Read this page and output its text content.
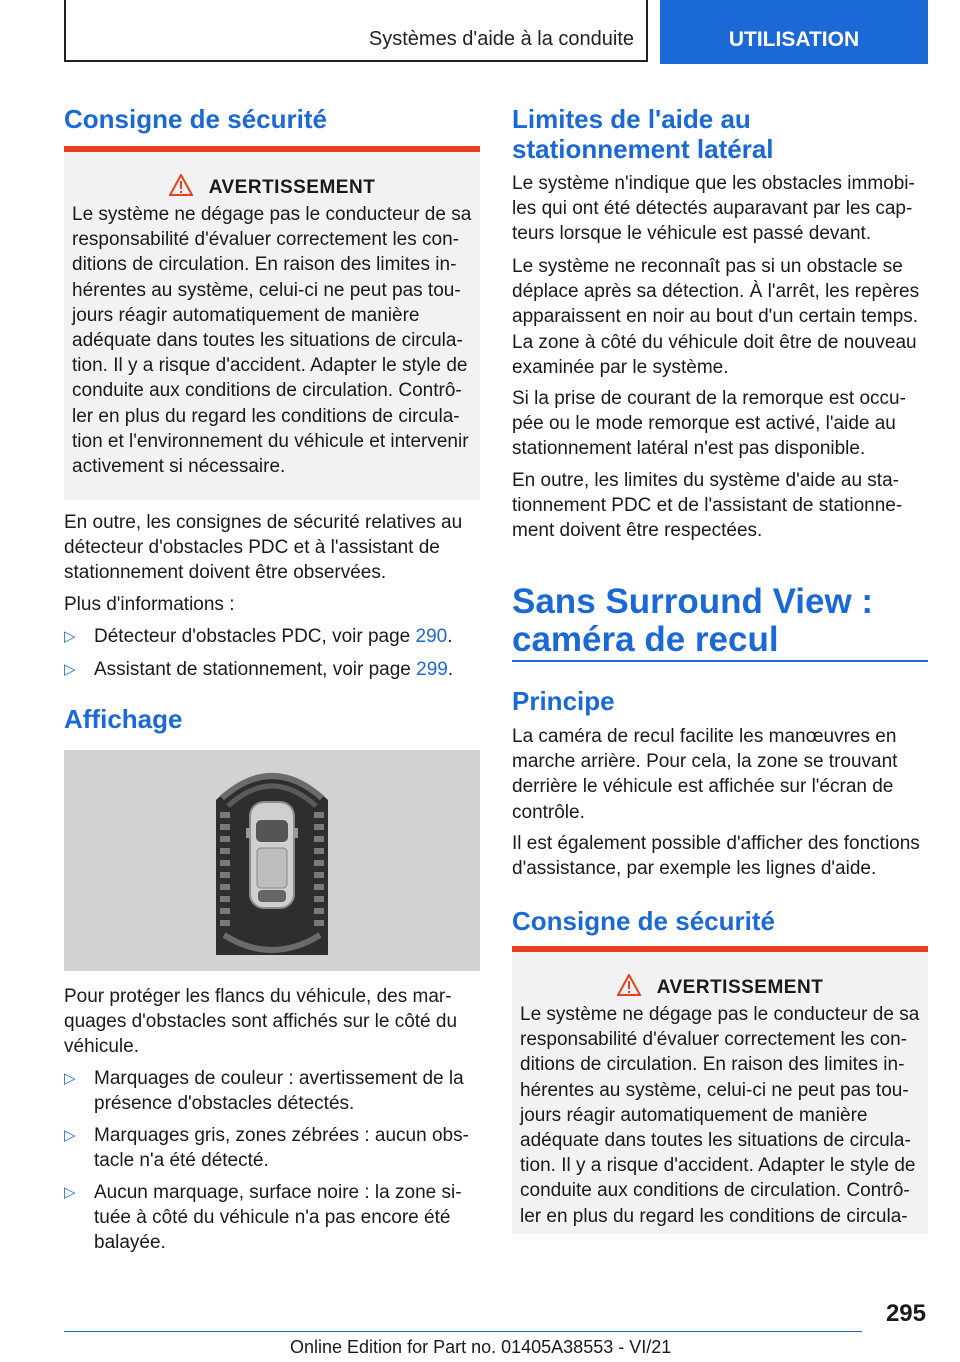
Systèmes d'aide à la conduite	UTILISATION
Consigne de sécurité
AVERTISSEMENT
Le système ne dégage pas le conducteur de sa
responsabilité d'évaluer correctement les con-
ditions de circulation. En raison des limites in-
hérentes au système, celui-ci ne peut pas tou-
jours réagir automatiquement de manière
adéquate dans toutes les situations de circula-
tion. Il y a risque d'accident. Adapter le style de
conduite aux conditions de circulation. Contrô-
ler en plus du regard les conditions de circula-
tion et l'environnement du véhicule et intervenir
activement si nécessaire.
En outre, les consignes de sécurité relatives au
détecteur d'obstacles PDC et à l'assistant de
stationnement doivent être observées.
Plus d'informations :
▷ Détecteur d'obstacles PDC, voir page 290.
▷ Assistant de stationnement, voir page 299.
Affichage
Pour protéger les flancs du véhicule, des mar-
quages d'obstacles sont affichés sur le côté du
véhicule.
▷ Marquages de couleur : avertissement de la
présence d'obstacles détectés.
▷ Marquages gris, zones zébrées : aucun obs-
tacle n'a été détecté.
▷ Aucun marquage, surface noire : la zone si-
tuée à côté du véhicule n'a pas encore été
balayée.
Limites de l'aide au
stationnement latéral
Le système n'indique que les obstacles immobi-
les qui ont été détectés auparavant par les cap-
teurs lorsque le véhicule est passé devant.
Le système ne reconnaît pas si un obstacle se
déplace après sa détection. À l'arrêt, les repères
apparaissent en noir au bout d'un certain temps.
La zone à côté du véhicule doit être de nouveau
examinée par le système.
Si la prise de courant de la remorque est occu-
pée ou le mode remorque est activé, l'aide au
stationnement latéral n'est pas disponible.
En outre, les limites du système d'aide au sta-
tionnement PDC et de l'assistant de stationne-
ment doivent être respectées.
Sans Surround View :
caméra de recul
Principe
La caméra de recul facilite les manœuvres en
marche arrière. Pour cela, la zone se trouvant
derrière le véhicule est affichée sur l'écran de
contrôle.
Il est également possible d'afficher des fonctions
d'assistance, par exemple les lignes d'aide.
Consigne de sécurité
AVERTISSEMENT
Le système ne dégage pas le conducteur de sa
responsabilité d'évaluer correctement les con-
ditions de circulation. En raison des limites in-
hérentes au système, celui-ci ne peut pas tou-
jours réagir automatiquement de manière
adéquate dans toutes les situations de circula-
tion. Il y a risque d'accident. Adapter le style de
conduite aux conditions de circulation. Contrô-
ler en plus du regard les conditions de circula-
295
Online Edition for Part no. 01405A38553 - VI/21
